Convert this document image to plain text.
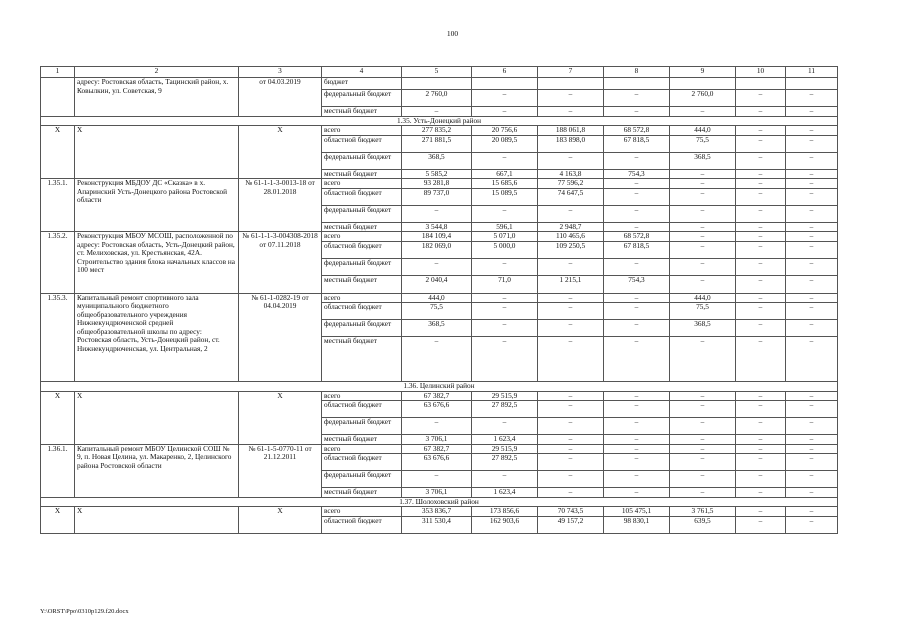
100
1	2	3	4	5	6	7	8	9	10	11
	адресу: Ростовская область, Тацинский район, х. Ковылкин, ул. Советская, 9	от 04.03.2019	бюджет							
			федеральный бюджет	2 760,0	–	–	–	2 760,0	–	–
			местный бюджет	–	–	–	–	–	–	–
1.35. Усть-Донецкий район										
Х	Х	Х	всего	277 835,2	20 756,6	188 061,8	68 572,8	444,0	–	–
			областной бюджет	271 881,5	20 089,5	183 898,0	67 818,5	75,5	–	–
			федеральный бюджет	368,5	–	–	–	368,5	–	–
			местный бюджет	5 585,2	667,1	4 163,8	754,3	–	–	–
1.35.1.	Реконструкция МБДОУ ДС «Сказка» в х. Апаринский Усть-Донецкого района Ростовской области	№ 61-1-1-3-0013-18 от 28.01.2018	всего	93 281,8	15 685,6	77 596,2	–	–	–	–
			областной бюджет	89 737,0	15 089,5	74 647,5	–	–	–	–
			федеральный бюджет	–	–	–	–	–	–	–
			местный бюджет	3 544,8	596,1	2 948,7	–	–	–	–
1.35.2.	Реконструкция МБОУ МСОШ, расположенной по адресу: Ростовская область, Усть-Донецкий район, ст. Мелиховская, ул. Крестьянская, 42А. Строительство здания блока начальных классов на 100 мест	№ 61-1-1-3-004308-2018 от 07.11.2018	всего	184 109,4	5 071,0	110 465,6	68 572,8	–	–	–
			областной бюджет	182 069,0	5 000,0	109 250,5	67 818,5	–	–	–
			федеральный бюджет	–	–	–	–	–	–	–
			местный бюджет	2 040,4	71,0	1 215,1	754,3	–	–	–
1.35.3.	Капитальный ремонт спортивного зала муниципального бюджетного общеобразовательного учреждения Нижнекундрюченской средней общеобразовательной школы по адресу: Ростовская область, Усть-Донецкий район, ст. Нижнекундрюченская, ул. Центральная, 2	№ 61-1-0282-19 от 04.04.2019	всего	444,0	–	–	–	444,0	–	–
			областной бюджет	75,5	–	–	–	75,5	–	–
			федеральный бюджет	368,5	–	–	–	368,5	–	–
			местный бюджет	–	–	–	–	–	–	–
1.36. Целинский район										
Х	Х	Х	всего	67 382,7	29 515,9	–	–	–	–	–
			областной бюджет	63 676,6	27 892,5	–	–	–	–	–
			федеральный бюджет	–	–	–	–	–	–	–
			местный бюджет	3 706,1	1 623,4	–	–	–	–	–
1.36.1.	Капитальный ремонт МБОУ Целинской СОШ № 9, п. Новая Целина, ул. Макаренко, 2, Целинского района Ростовской области	№ 61-1-5-0770-11 от 21.12.2011	всего	67 382,7	29 515,9	–	–	–	–	–
			областной бюджет	63 676,6	27 892,5	–	–	–	–	–
			федеральный бюджет	–	–	–	–	–	–	–
			местный бюджет	3 706,1	1 623,4	–	–	–	–	–
1.37. Шолоховский район										
Х	Х	Х	всего	353 836,7	173 856,6	70 743,5	105 475,1	3 761,5	–	–
			областной бюджет	311 530,4	162 903,6	49 157,2	98 830,1	639,5	–	–
Y:\ORST\Ppo\0310p129.f20.docx
